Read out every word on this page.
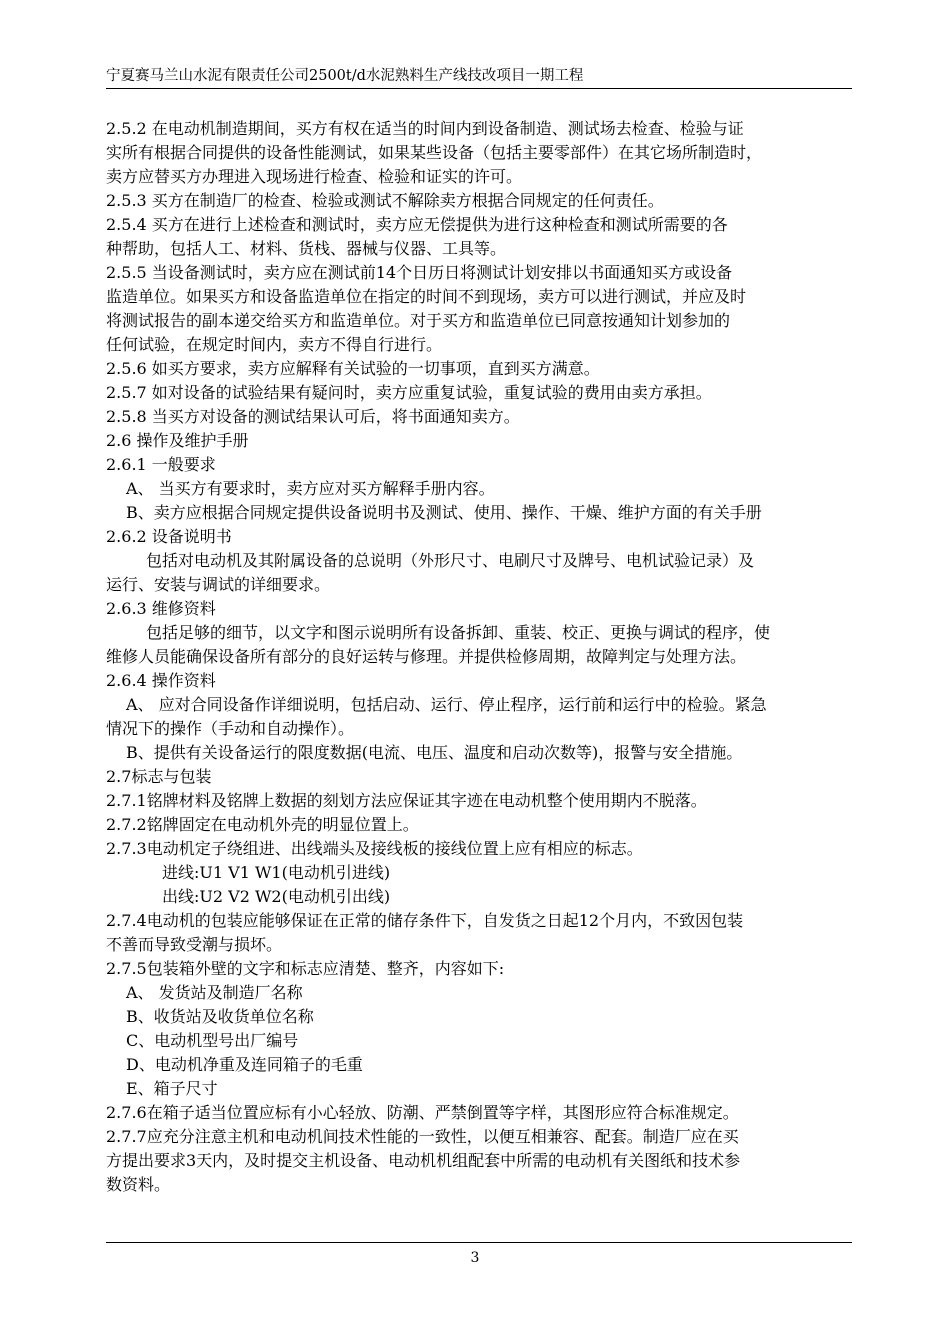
宁夏赛马兰山水泥有限责任公司2500t/d水泥熟料生产线技改项目一期工程
2.5.2 在电动机制造期间，买方有权在适当的时间内到设备制造、测试场去检查、检验与证
实所有根据合同提供的设备性能测试，如果某些设备（包括主要零部件）在其它场所制造时，
卖方应替买方办理进入现场进行检查、检验和证实的许可。
2.5.3 买方在制造厂的检查、检验或测试不解除卖方根据合同规定的任何责任。
2.5.4 买方在进行上述检查和测试时，卖方应无偿提供为进行这种检查和测试所需要的各
种帮助，包括人工、材料、货栈、器械与仪器、工具等。
2.5.5 当设备测试时，卖方应在测试前14个日历日将测试计划安排以书面通知买方或设备
监造单位。如果买方和设备监造单位在指定的时间不到现场，卖方可以进行测试，并应及时
将测试报告的副本递交给买方和监造单位。对于买方和监造单位已同意按通知计划参加的
任何试验，在规定时间内，卖方不得自行进行。
2.5.6 如买方要求，卖方应解释有关试验的一切事项，直到买方满意。
2.5.7 如对设备的试验结果有疑问时，卖方应重复试验，重复试验的费用由卖方承担。
2.5.8 当买方对设备的测试结果认可后，将书面通知卖方。
2.6 操作及维护手册
2.6.1 一般要求
A、 当买方有要求时，卖方应对买方解释手册内容。
B、卖方应根据合同规定提供设备说明书及测试、使用、操作、干燥、维护方面的有关手册
2.6.2 设备说明书
包括对电动机及其附属设备的总说明（外形尺寸、电刷尺寸及牌号、电机试验记录）及
运行、安装与调试的详细要求。
2.6.3 维修资料
包括足够的细节，以文字和图示说明所有设备拆卸、重装、校正、更换与调试的程序，使
维修人员能确保设备所有部分的良好运转与修理。并提供检修周期，故障判定与处理方法。
2.6.4 操作资料
A、 应对合同设备作详细说明，包括启动、运行、停止程序，运行前和运行中的检验。紧急
情况下的操作（手动和自动操作）。
B、提供有关设备运行的限度数据(电流、电压、温度和启动次数等)，报警与安全措施。
2.7标志与包装
2.7.1铭牌材料及铭牌上数据的刻划方法应保证其字迹在电动机整个使用期内不脱落。
2.7.2铭牌固定在电动机外壳的明显位置上。
2.7.3电动机定子绕组进、出线端头及接线板的接线位置上应有相应的标志。
进线:U1 V1 W1(电动机引进线)
出线:U2 V2 W2(电动机引出线)
2.7.4电动机的包装应能够保证在正常的储存条件下，自发货之日起12个月内，不致因包装
不善而导致受潮与损坏。
2.7.5包装箱外壁的文字和标志应清楚、整齐，内容如下:
A、 发货站及制造厂名称
B、收货站及收货单位名称
C、电动机型号出厂编号
D、电动机净重及连同箱子的毛重
E、箱子尺寸
2.7.6在箱子适当位置应标有小心轻放、防潮、严禁倒置等字样，其图形应符合标准规定。
2.7.7应充分注意主机和电动机间技术性能的一致性，以便互相兼容、配套。制造厂应在买
方提出要求3天内，及时提交主机设备、电动机机组配套中所需的电动机有关图纸和技术参
数资料。
3
